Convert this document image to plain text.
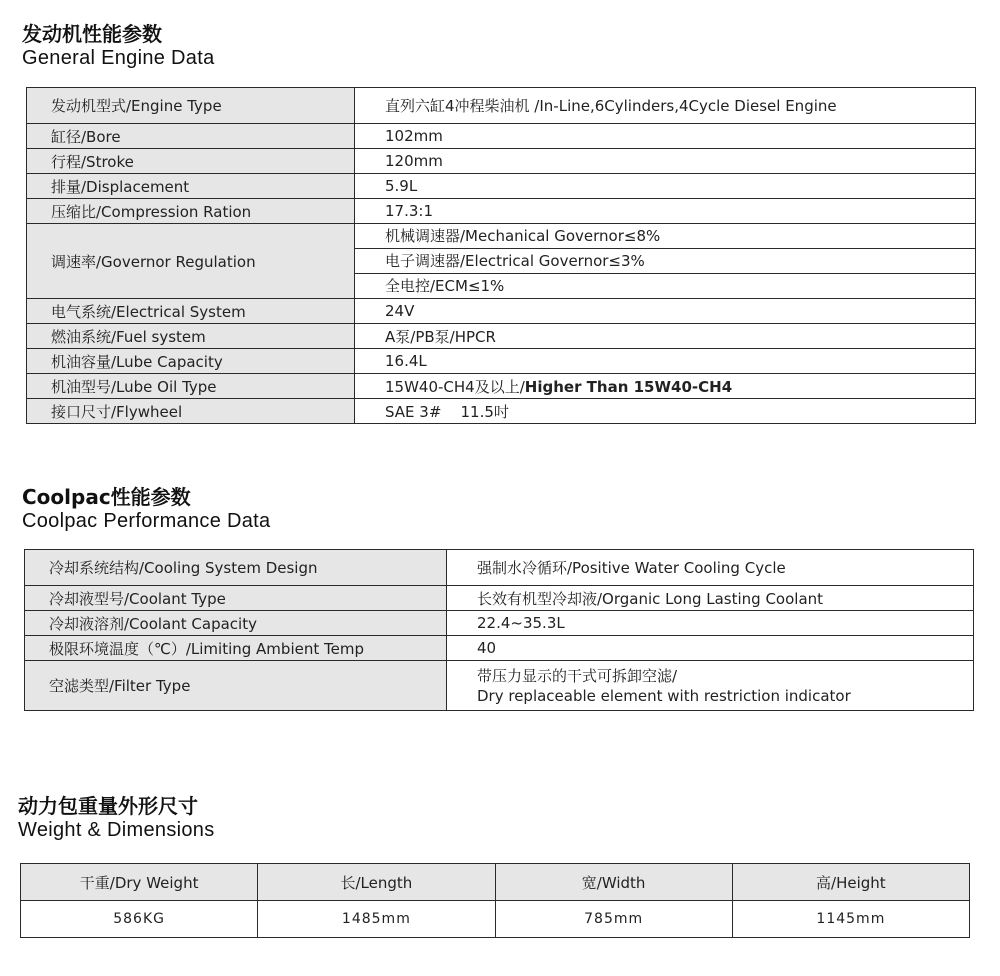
发动机性能参数
General Engine Data
发动机型式/Engine Type	直列六缸4冲程柴油机 /In-Line,6Cylinders,4Cycle Diesel Engine
缸径/Bore	102mm
行程/Stroke	120mm
排量/Displacement	5.9L
压缩比/Compression Ration	17.3:1
调速率/Governor Regulation	机械调速器/Mechanical Governor≤8%
电子调速器/Electrical Governor≤3%
全电控/ECM≤1%

电气系统/Electrical System	24V
燃油系统/Fuel system	A泵/PB泵/HPCR
机油容量/Lube Capacity	16.4L
机油型号/Lube Oil Type	15W40-CH4及以上/Higher Than 15W40-CH4
接口尺寸/Flywheel	SAE 3#    11.5吋
Coolpac性能参数
Coolpac Performance Data
冷却系统结构/Cooling System Design	强制水冷循环/Positive Water Cooling Cycle
冷却液型号/Coolant Type	长效有机型冷却液/Organic Long Lasting Coolant
冷却液溶剂/Coolant Capacity	22.4~35.3L
极限环境温度（℃）/Limiting Ambient Temp	40
空滤类型/Filter Type	带压力显示的干式可拆卸空滤/
Dry replaceable element with restriction indicator
动力包重量外形尺寸
Weight & Dimensions
干重/Dry Weight	长/Length	宽/Width	高/Height
586KG	1485mm	785mm	1145mm
